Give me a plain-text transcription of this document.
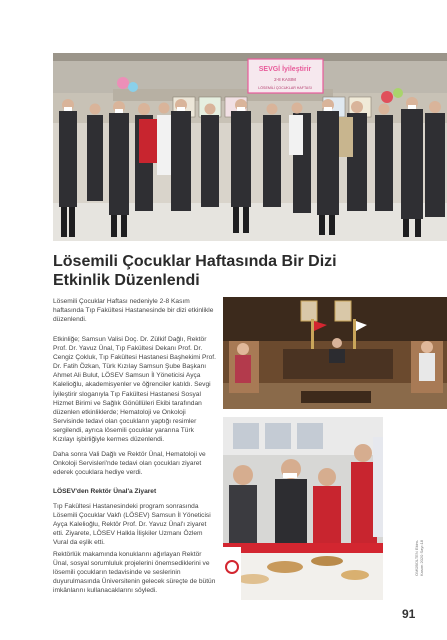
SEVGİ İyileştirir
2-8 KASIM
LÖSEMİLİ ÇOCUKLAR HAFTASI
Lösemili Çocuklar Haftasında Bir Dizi
Etkinlik Düzenlendi

Lösemili Çocuklar Haftası nedeniyle 2-8 Kasım haftasında Tıp Fakültesi Hastanesinde bir dizi etkinlikle düzenlendi.

Etkinliğe; Samsun Valisi Doç. Dr. Zülkif Dağlı, Rektör Prof. Dr. Yavuz Ünal, Tıp Fakültesi Dekanı Prof. Dr. Cengiz Çokluk, Tıp Fakültesi Hastanesi Başhekimi Prof. Dr. Fatih Özkan, Türk Kızılay Samsun Şube Başkanı Ahmet Ali Bulut, LÖSEV Samsun İl Yöneticisi Ayça Kalelioğlu, akademisyenler ve öğrenciler katıldı. Sevgi İyileştirir sloganıyla Tıp Fakültesi Hastanesi Sosyal Hizmet Birimi ve Sağlık Gönüllüleri Ekibi tarafından düzenlen etkinliklerde; Hematoloji ve Onkoloji Servisinde tedavi olan çocukların yaptığı resimler sergilendi, ayrıca lösemili çocuklar yararına Türk Kızılayı işbirliğiyle kermes düzenlendi.

Daha sonra Vali Dağlı ve Rektör Ünal, Hematoloji ve Onkoloji Servisleri'nde tedavi olan çocukları ziyaret ederek çocuklara hediye verdi.

LÖSEV'den Rektör Ünal'a Ziyaret

Tıp Fakültesi Hastanesindeki program sonrasında Lösemili Çocuklar Vakfı (LÖSEV) Samsun İl Yöneticisi Ayça Kalelioğlu, Rektör Prof. Dr. Yavuz Ünal'ı ziyaret etti. Ziyarete, LÖSEV Halkla İlişkiler Uzmanı Özlem Vural da eşlik etti.

Rektörlük makamında konuklarını ağırlayan Rektör Ünal, sosyal sorumluluk projelerini önemsediklerini ve lösemili çocukların tedavisinde ve seslerinin duyurulmasında Üniversitenin gelecek süreçte de bütün imkânlarını kullanacaklarını söyledi.

OMÜBÜLTEN Ekim-Kasım 2020 Sayı:18
91
